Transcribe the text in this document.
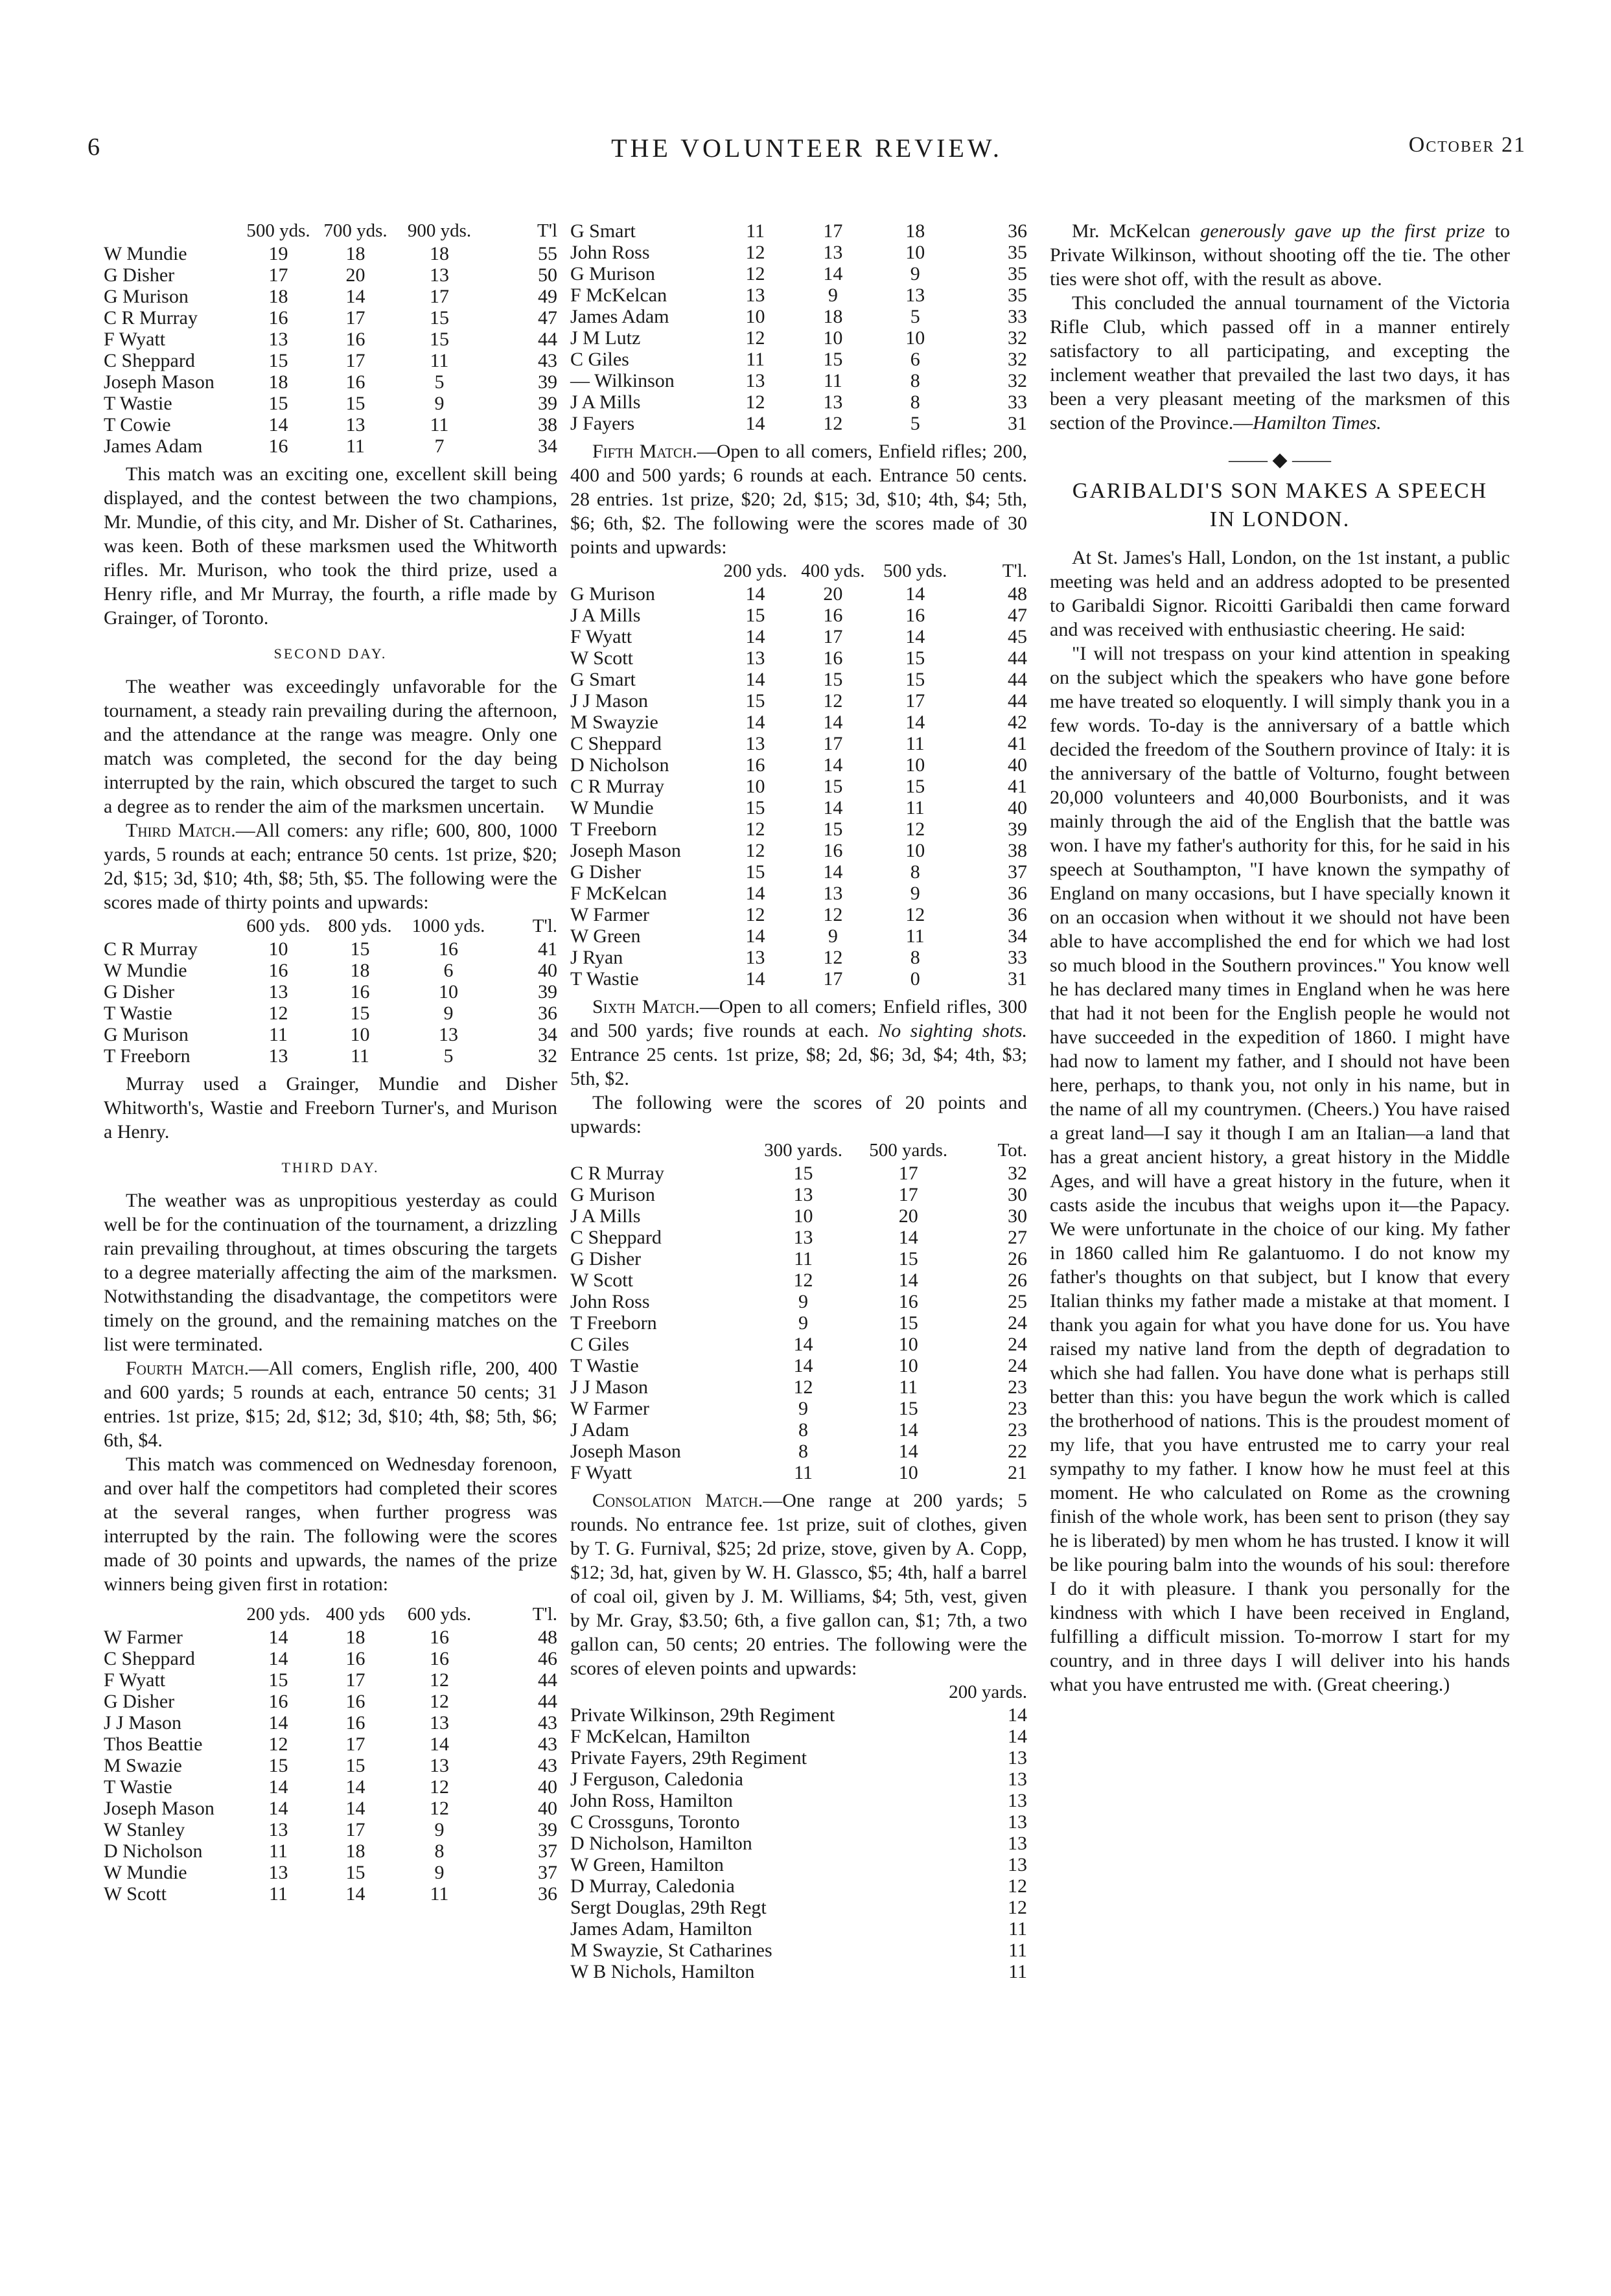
6	THE VOLUNTEER REVIEW.	October 21
	500 yds.	700 yds.	900 yds.	T'l
W Mundie	19	18	18	55
G Disher	17	20	13	50
G Murison	18	14	17	49
C R Murray	16	17	15	47
F Wyatt	13	16	15	44
C Sheppard	15	17	11	43
Joseph Mason	18	16	5	39
T Wastie	15	15	9	39
T Cowie	14	13	11	38
James Adam	16	11	7	34

This match was an exciting one, excellent skill being displayed, and the contest between the two champions, Mr. Mundie, of this city, and Mr. Disher of St. Catharines, was keen. Both of these marksmen used the Whitworth rifles. Mr. Murison, who took the third prize, used a Henry rifle, and Mr Murray, the fourth, a rifle made by Grainger, of Toronto.

SECOND DAY.

The weather was exceedingly unfavorable for the tournament, a steady rain prevailing during the afternoon, and the attendance at the range was meagre. Only one match was completed, the second for the day being interrupted by the rain, which obscured the target to such a degree as to render the aim of the marksmen uncertain.

Third Match.—All comers: any rifle; 600, 800, 1000 yards, 5 rounds at each; entrance 50 cents. 1st prize, $20; 2d, $15; 3d, $10; 4th, $8; 5th, $5. The following were the scores made of thirty points and upwards:

	600 yds.	800 yds.	1000 yds.	T'l.
C R Murray	10	15	16	41
W Mundie	16	18	6	40
G Disher	13	16	10	39
T Wastie	12	15	9	36
G Murison	11	10	13	34
T Freeborn	13	11	5	32

Murray used a Grainger, Mundie and Disher Whitworth's, Wastie and Freeborn Turner's, and Murison a Henry.

THIRD DAY.

The weather was as unpropitious yesterday as could well be for the continuation of the tournament, a drizzling rain prevailing throughout, at times obscuring the targets to a degree materially affecting the aim of the marksmen. Notwithstanding the disadvantage, the competitors were timely on the ground, and the remaining matches on the list were terminated.

Fourth Match.—All comers, English rifle, 200, 400 and 600 yards; 5 rounds at each, entrance 50 cents; 31 entries. 1st prize, $15; 2d, $12; 3d, $10; 4th, $8; 5th, $6; 6th, $4.

This match was commenced on Wednesday forenoon, and over half the competitors had completed their scores at the several ranges, when further progress was interrupted by the rain. The following were the scores made of 30 points and upwards, the names of the prize winners being given first in rotation:

	200 yds.	400 yds	600 yds.	T'l.
W Farmer	14	18	16	48
C Sheppard	14	16	16	46
F Wyatt	15	17	12	44
G Disher	16	16	12	44
J J Mason	14	16	13	43
Thos Beattie	12	17	14	43
M Swazie	15	15	13	43
T Wastie	14	14	12	40
Joseph Mason	14	14	12	40
W Stanley	13	17	9	39
D Nicholson	11	18	8	37
W Mundie	13	15	9	37
W Scott	11	14	11	36
G Smart	11	17	18	36
John Ross	12	13	10	35
G Murison	12	14	9	35
F McKelcan	13	9	13	35
James Adam	10	18	5	33
J M Lutz	12	10	10	32
C Giles	11	15	6	32
— Wilkinson	13	11	8	32
J A Mills	12	13	8	33
J Fayers	14	12	5	31

Fifth Match.—Open to all comers, Enfield rifles; 200, 400 and 500 yards; 6 rounds at each. Entrance 50 cents. 28 entries. 1st prize, $20; 2d, $15; 3d, $10; 4th, $4; 5th, $6; 6th, $2. The following were the scores made of 30 points and upwards:

	200 yds.	400 yds.	500 yds.	T'l.
G Murison	14	20	14	48
J A Mills	15	16	16	47
F Wyatt	14	17	14	45
W Scott	13	16	15	44
G Smart	14	15	15	44
J J Mason	15	12	17	44
M Swayzie	14	14	14	42
C Sheppard	13	17	11	41
D Nicholson	16	14	10	40
C R Murray	10	15	15	41
W Mundie	15	14	11	40
T Freeborn	12	15	12	39
Joseph Mason	12	16	10	38
G Disher	15	14	8	37
F McKelcan	14	13	9	36
W Farmer	12	12	12	36
W Green	14	9	11	34
J Ryan	13	12	8	33
T Wastie	14	17	0	31

Sixth Match.—Open to all comers; Enfield rifles, 300 and 500 yards; five rounds at each. No sighting shots. Entrance 25 cents. 1st prize, $8; 2d, $6; 3d, $4; 4th, $3; 5th, $2.

The following were the scores of 20 points and upwards:

	300 yards.	500 yards.	Tot.
C R Murray	15	17	32
G Murison	13	17	30
J A Mills	10	20	30
C Sheppard	13	14	27
G Disher	11	15	26
W Scott	12	14	26
John Ross	9	16	25
T Freeborn	9	15	24
C Giles	14	10	24
T Wastie	14	10	24
J J Mason	12	11	23
W Farmer	9	15	23
J Adam	8	14	23
Joseph Mason	8	14	22
F Wyatt	11	10	21

Consolation Match.—One range at 200 yards; 5 rounds. No entrance fee. 1st prize, suit of clothes, given by T. G. Furnival, $25; 2d prize, stove, given by A. Copp, $12; 3d, hat, given by W. H. Glassco, $5; 4th, half a barrel of coal oil, given by J. M. Williams, $4; 5th, vest, given by Mr. Gray, $3.50; 6th, a five gallon can, $1; 7th, a two gallon can, 50 cents; 20 entries. The following were the scores of eleven points and upwards:

	200 yards.
Private Wilkinson, 29th Regiment	14
F McKelcan, Hamilton	14
Private Fayers, 29th Regiment	13
J Ferguson, Caledonia	13
John Ross, Hamilton	13
C Crossguns, Toronto	13
D Nicholson, Hamilton	13
W Green, Hamilton	13
D Murray, Caledonia	12
Sergt Douglas, 29th Regt	12
James Adam, Hamilton	11
M Swayzie, St Catharines	11
W B Nichols, Hamilton	11

Mr. McKelcan generously gave up the first prize to Private Wilkinson, without shooting off the tie. The other ties were shot off, with the result as above.

This concluded the annual tournament of the Victoria Rifle Club, which passed off in a manner entirely satisfactory to all participating, and excepting the inclement weather that prevailed the last two days, it has been a very pleasant meeting of the marksmen of this section of the Province.—Hamilton Times.

—— ◆ ——
GARIBALDI'S SON MAKES A SPEECH
IN LONDON.

At St. James's Hall, London, on the 1st instant, a public meeting was held and an address adopted to be presented to Garibaldi Signor. Ricoitti Garibaldi then came forward and was received with enthusiastic cheering. He said:

"I will not trespass on your kind attention in speaking on the subject which the speakers who have gone before me have treated so eloquently. I will simply thank you in a few words. To-day is the anniversary of a battle which decided the freedom of the Southern province of Italy: it is the anniversary of the battle of Volturno, fought between 20,000 volunteers and 40,000 Bourbonists, and it was mainly through the aid of the English that the battle was won. I have my father's authority for this, for he said in his speech at Southampton, "I have known the sympathy of England on many occasions, but I have specially known it on an occasion when without it we should not have been able to have accomplished the end for which we had lost so much blood in the Southern provinces." You know well he has declared many times in England when he was here that had it not been for the English people he would not have succeeded in the expedition of 1860. I might have had now to lament my father, and I should not have been here, perhaps, to thank you, not only in his name, but in the name of all my countrymen. (Cheers.) You have raised a great land—I say it though I am an Italian—a land that has a great ancient history, a great history in the Middle Ages, and will have a great history in the future, when it casts aside the incubus that weighs upon it—the Papacy. We were unfortunate in the choice of our king. My father in 1860 called him Re galantuomo. I do not know my father's thoughts on that subject, but I know that every Italian thinks my father made a mistake at that moment. I thank you again for what you have done for us. You have raised my native land from the depth of degradation to which she had fallen. You have done what is perhaps still better than this: you have begun the work which is called the brotherhood of nations. This is the proudest moment of my life, that you have entrusted me to carry your real sympathy to my father. I know how he must feel at this moment. He who calculated on Rome as the crowning finish of the whole work, has been sent to prison (they say he is liberated) by men whom he has trusted. I know it will be like pouring balm into the wounds of his soul: therefore I do it with pleasure. I thank you personally for the kindness with which I have been received in England, fulfilling a difficult mission. To-morrow I start for my country, and in three days I will deliver into his hands what you have entrusted me with. (Great cheering.)
